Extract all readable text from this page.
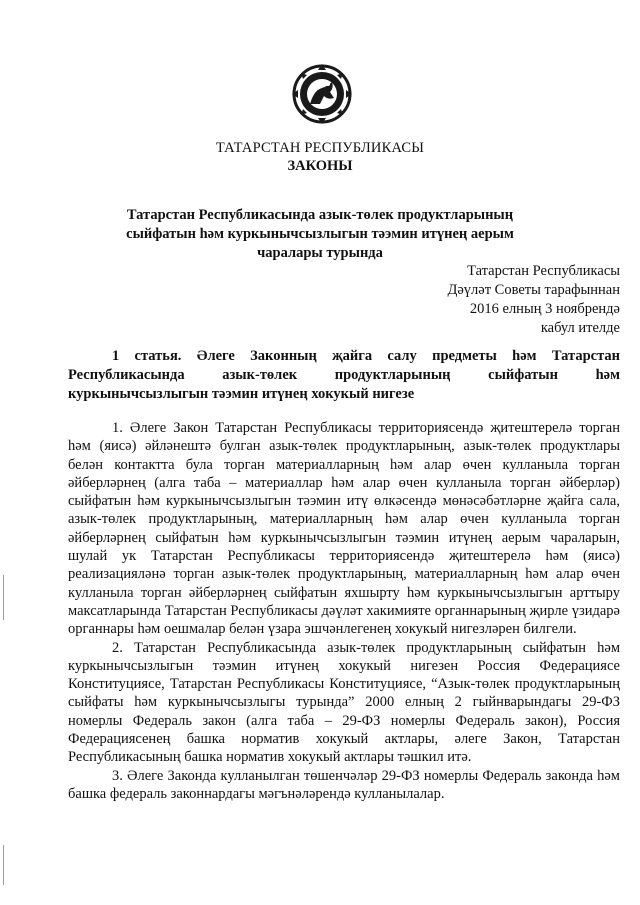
ТАТАРСТАН РЕСПУБЛИКАСЫ
ЗАКОНЫ
Татарстан Республикасында азык-төлек продуктларының сыйфатын һәм куркынычсызлыгын тәэмин итүнең аерым чаралары турында
Татарстан Республикасы
Дәүләт Советы тарафыннан
2016 елның 3 ноябрендә
кабул ителде
1 статья. Әлеге Законның җайга салу предметы һәм Татарстан Республикасында азык-төлек продуктларының сыйфатын һәм куркынычсызлыгын тәэмин итүнең хокукый нигезе

1. Әлеге Закон Татарстан Республикасы территориясендә җитештерелә торган һәм (яисә) әйләнештә булган азык-төлек продуктларының, азык-төлек продуктлары белән контактта була торган материалларның һәм алар өчен кулланыла торган әйберләрнең (алга таба – материаллар һәм алар өчен кулланыла торган әйберләр) сыйфатын һәм куркынычсызлыгын тәэмин итү өлкәсендә мөнәсәбәтләрне җайга сала, азык-төлек продуктларының, материалларның һәм алар өчен кулланыла торган әйберләрнең сыйфатын һәм куркынычсызлыгын тәэмин итүнең аерым чараларын, шулай ук Татарстан Республикасы территориясендә җитештерелә һәм (яисә) реализацияләнә торган азык-төлек продуктларының, материалларның һәм алар өчен кулланыла торган әйберләрнең сыйфатын яхшырту һәм куркынычсызлыгын арттыру максатларында Татарстан Республикасы дәүләт хакимияте органнарының җирле үзидарә органнары һәм оешмалар белән үзара эшчәнлегенең хокукый нигезләрен билгели.

2. Татарстан Республикасында азык-төлек продуктларының сыйфатын һәм куркынычсызлыгын тәэмин итүнең хокукый нигезен Россия Федерациясе Конституциясе, Татарстан Республикасы Конституциясе, “Азык-төлек продуктларының сыйфаты һәм куркынычсызлыгы турында” 2000 елның 2 гыйнварындагы 29-ФЗ номерлы Федераль закон (алга таба – 29-ФЗ номерлы Федераль закон), Россия Федерациясенең башка норматив хокукый актлары, әлеге Закон, Татарстан Республикасының башка норматив хокукый актлары тәшкил итә.

3. Әлеге Законда кулланылган төшенчәләр 29-ФЗ номерлы Федераль законда һәм башка федераль законнардагы мәгънәләрендә кулланылалар.
